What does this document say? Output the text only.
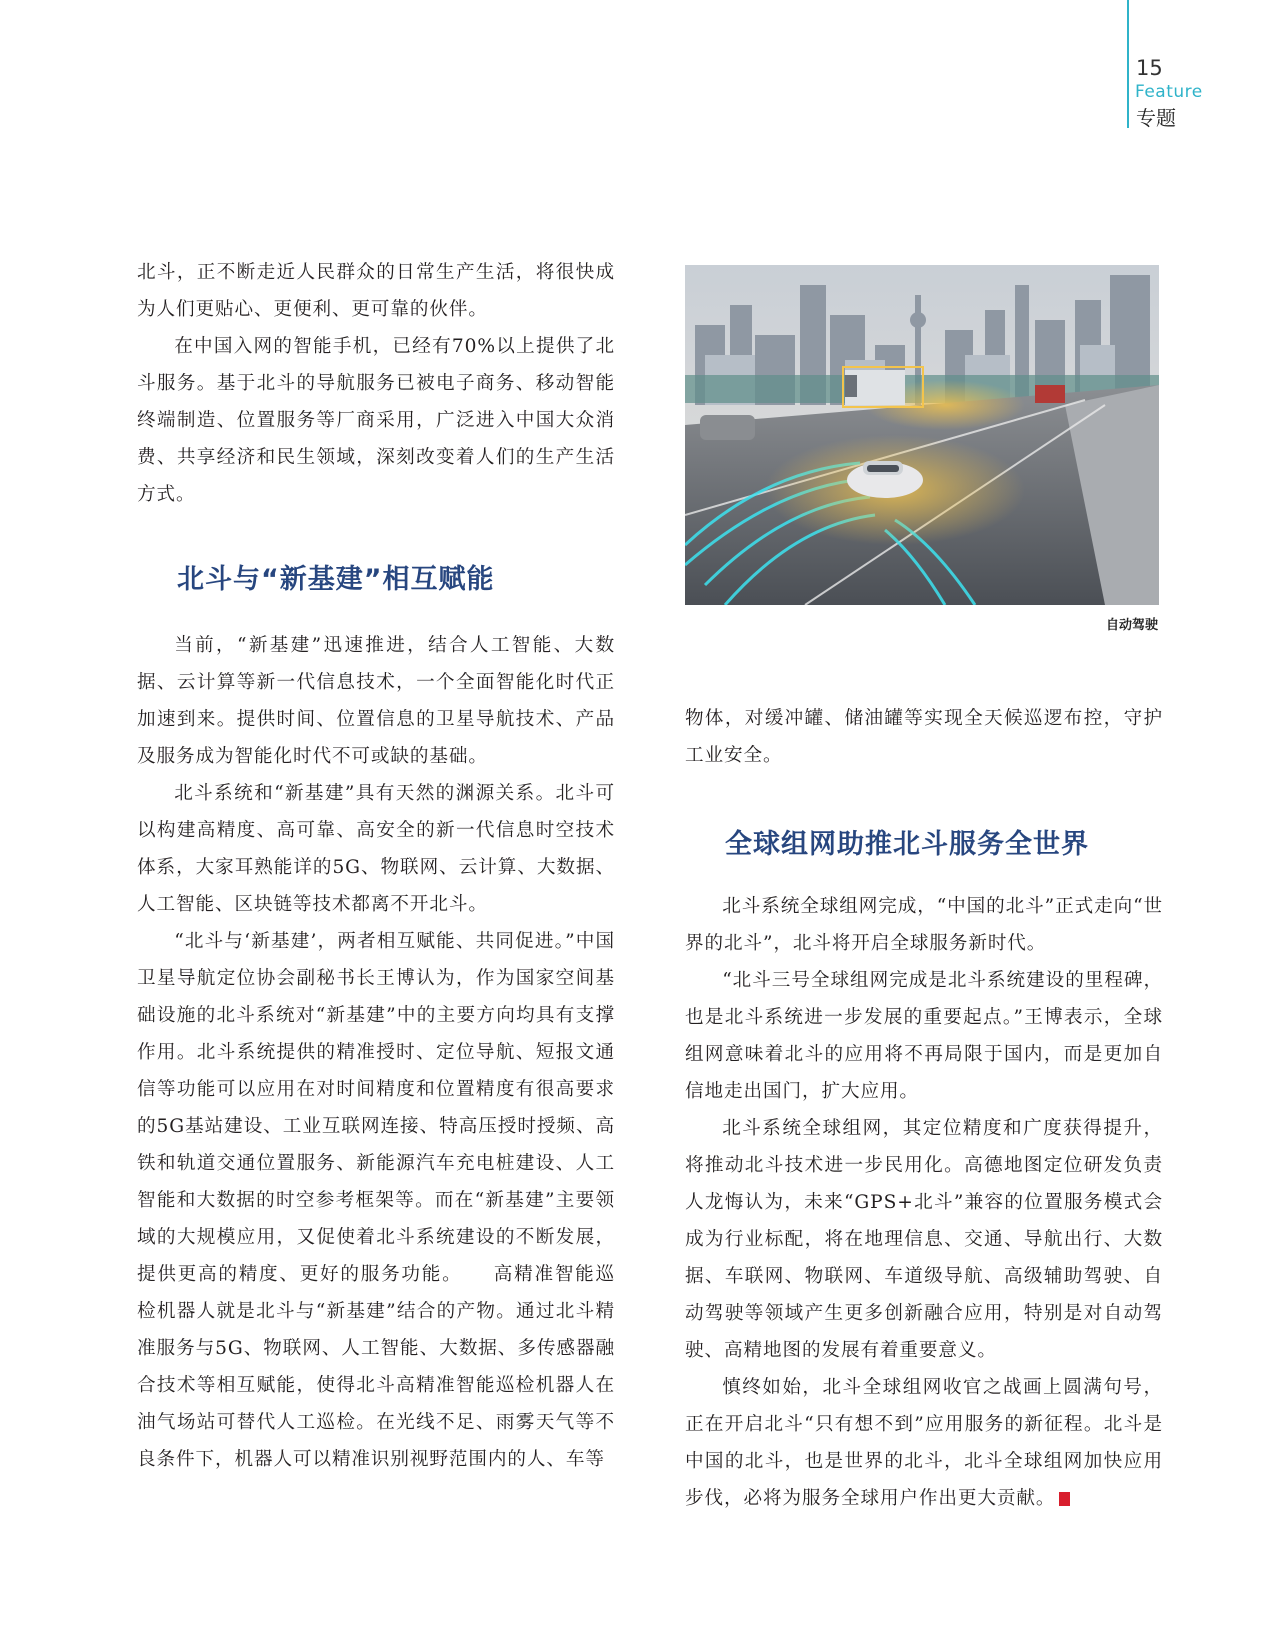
15
Feature
专题

北斗，正不断走近人民群众的日常生产生活，将很快成为人们更贴心、更便利、更可靠的伙伴。

在中国入网的智能手机，已经有70%以上提供了北斗服务。基于北斗的导航服务已被电子商务、移动智能终端制造、位置服务等厂商采用，广泛进入中国大众消费、共享经济和民生领域，深刻改变着人们的生产生活方式。

北斗与“新基建”相互赋能

当前，“新基建”迅速推进，结合人工智能、大数据、云计算等新一代信息技术，一个全面智能化时代正加速到来。提供时间、位置信息的卫星导航技术、产品及服务成为智能化时代不可或缺的基础。

北斗系统和“新基建”具有天然的渊源关系。北斗可以构建高精度、高可靠、高安全的新一代信息时空技术体系，大家耳熟能详的5G、物联网、云计算、大数据、人工智能、区块链等技术都离不开北斗。

“北斗与‘新基建’，两者相互赋能、共同促进。”中国卫星导航定位协会副秘书长王博认为，作为国家空间基础设施的北斗系统对“新基建”中的主要方向均具有支撑作用。北斗系统提供的精准授时、定位导航、短报文通信等功能可以应用在对时间精度和位置精度有很高要求的5G基站建设、工业互联网连接、特高压授时授频、高铁和轨道交通位置服务、新能源汽车充电桩建设、人工智能和大数据的时空参考框架等。而在“新基建”主要领域的大规模应用，又促使着北斗系统建设的不断发展，提供更高的精度、更好的服务功能。　　高精准智能巡检机器人就是北斗与“新基建”结合的产物。通过北斗精准服务与5G、物联网、人工智能、大数据、多传感器融合技术等相互赋能，使得北斗高精准智能巡检机器人在油气场站可替代人工巡检。在光线不足、雨雾天气等不良条件下，机器人可以精准识别视野范围内的人、车等

自动驾驶

物体，对缓冲罐、储油罐等实现全天候巡逻布控，守护工业安全。

全球组网助推北斗服务全世界

北斗系统全球组网完成，“中国的北斗”正式走向“世界的北斗”，北斗将开启全球服务新时代。

“北斗三号全球组网完成是北斗系统建设的里程碑，也是北斗系统进一步发展的重要起点。”王博表示，全球组网意味着北斗的应用将不再局限于国内，而是更加自信地走出国门，扩大应用。

北斗系统全球组网，其定位精度和广度获得提升，将推动北斗技术进一步民用化。高德地图定位研发负责人龙悔认为，未来“GPS+北斗”兼容的位置服务模式会成为行业标配，将在地理信息、交通、导航出行、大数据、车联网、物联网、车道级导航、高级辅助驾驶、自动驾驶等领域产生更多创新融合应用，特别是对自动驾驶、高精地图的发展有着重要意义。

慎终如始，北斗全球组网收官之战画上圆满句号，正在开启北斗“只有想不到”应用服务的新征程。北斗是中国的北斗，也是世界的北斗，北斗全球组网加快应用步伐，必将为服务全球用户作出更大贡献。	s
